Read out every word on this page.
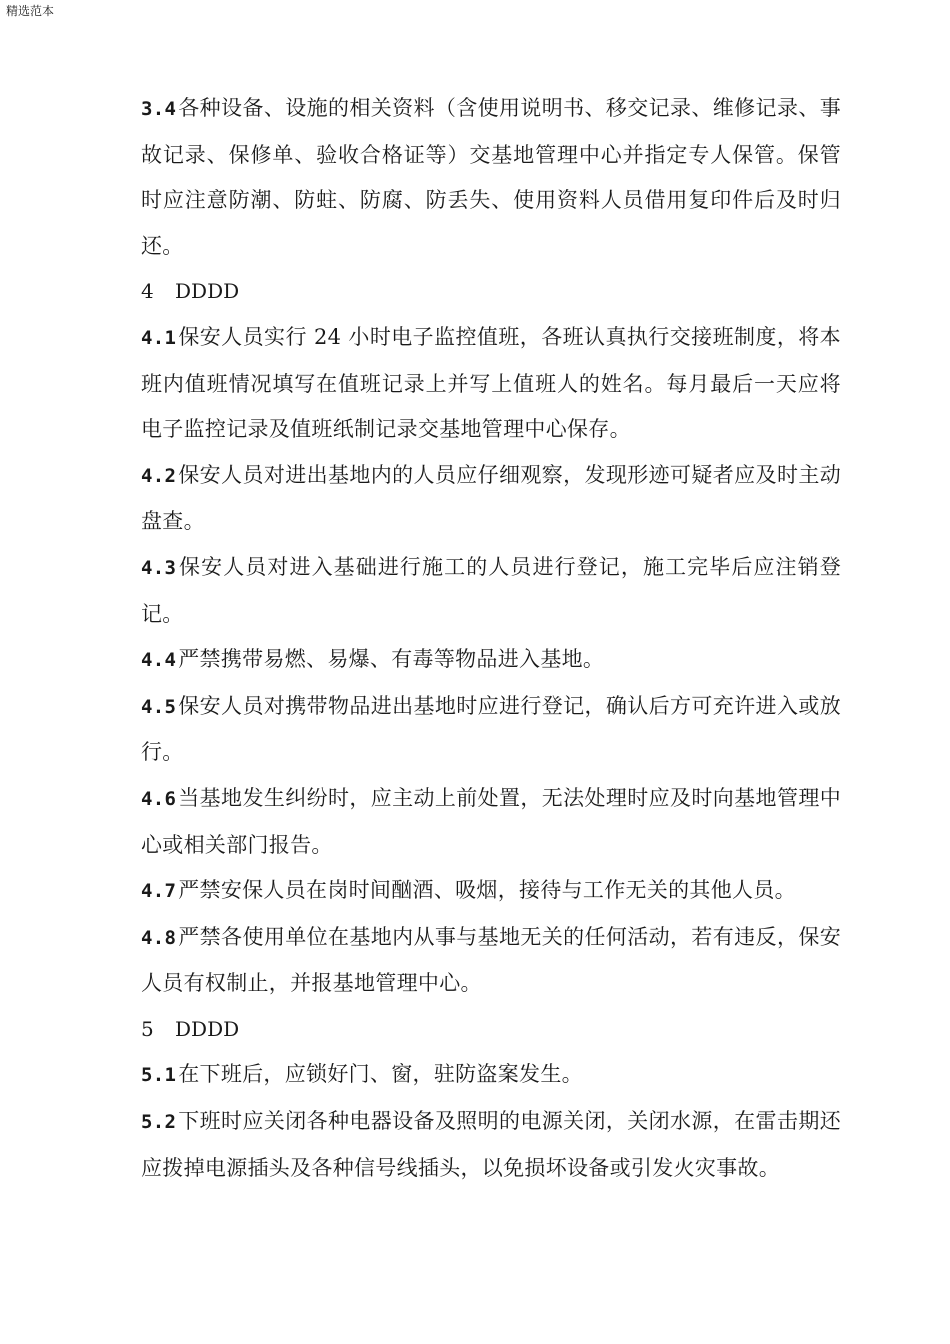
精选范本

3.4各种设备、设施的相关资料（含使用说明书、移交记录、维修记录、事故记录、保修单、验收合格证等）交基地管理中心并指定专人保管。保管时应注意防潮、防蛀、防腐、防丢失、使用资料人员借用复印件后及时归还。

4 DDDD

4.1保安人员实行 24 小时电子监控值班，各班认真执行交接班制度，将本班内值班情况填写在值班记录上并写上值班人的姓名。每月最后一天应将电子监控记录及值班纸制记录交基地管理中心保存。

4.2保安人员对进出基地内的人员应仔细观察，发现形迹可疑者应及时主动盘查。

4.3保安人员对进入基础进行施工的人员进行登记，施工完毕后应注销登记。

4.4严禁携带易燃、易爆、有毒等物品进入基地。

4.5保安人员对携带物品进出基地时应进行登记，确认后方可充许进入或放行。

4.6当基地发生纠纷时，应主动上前处置，无法处理时应及时向基地管理中心或相关部门报告。

4.7严禁安保人员在岗时间酗酒、吸烟，接待与工作无关的其他人员。

4.8严禁各使用单位在基地内从事与基地无关的任何活动，若有违反，保安人员有权制止，并报基地管理中心。

5 DDDD

5.1在下班后，应锁好门、窗，驻防盗案发生。

5.2下班时应关闭各种电器设备及照明的电源关闭，关闭水源，在雷击期还应拨掉电源插头及各种信号线插头，以免损坏设备或引发火灾事故。
